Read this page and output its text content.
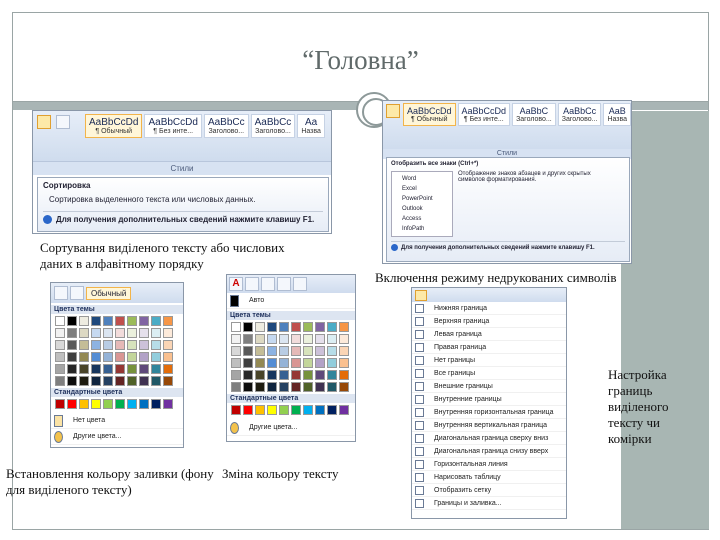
“Головна”

AaBbCcDd
¶ Обычный
AaBbCcDd
¶ Без инте...
AaBbCc
Заголово...
AaBbCc
Заголово...
Aa
Назва
Стили
Сортировка
Сортировка выделенного текста или числовых данных.
Для получения дополнительных сведений нажмите клавишу F1.
Сортування виділеного тексту або числових даних в алфавітному порядку
AaBbCcDd
¶ Обычный
AaBbCcDd
¶ Без инте...
AaBbC
Заголово...
AaBbCc
Заголово...
AaB
Назва
Стили
Отобразить все знаки (Ctrl+*)
Word
Excel
PowerPoint
Outlook
Access
InfoPath
Отображение знаков абзацев и других скрытых символов форматирования.
Для получения дополнительных сведений нажмите клавишу F1.
Включення режиму недрукованих символів
Обычный
Цвета темы
Стандартные цвета
Нет цвета
Другие цвета...
A
Авто
Цвета темы
Стандартные цвета
Другие цвета...
Встановлення кольору заливки (фону для виділеного тексту)
Зміна кольору тексту
Нижняя граница
Верхняя граница
Левая граница
Правая граница
Нет границы
Все границы
Внешние границы
Внутренние границы
Внутренняя горизонтальная граница
Внутренняя вертикальная граница
Диагональная граница сверху вниз
Диагональная граница снизу вверх
Горизонтальная линия
Нарисовать таблицу
Отобразить сетку
Границы и заливка...
Настройка границь виділеного тексту чи комірки
